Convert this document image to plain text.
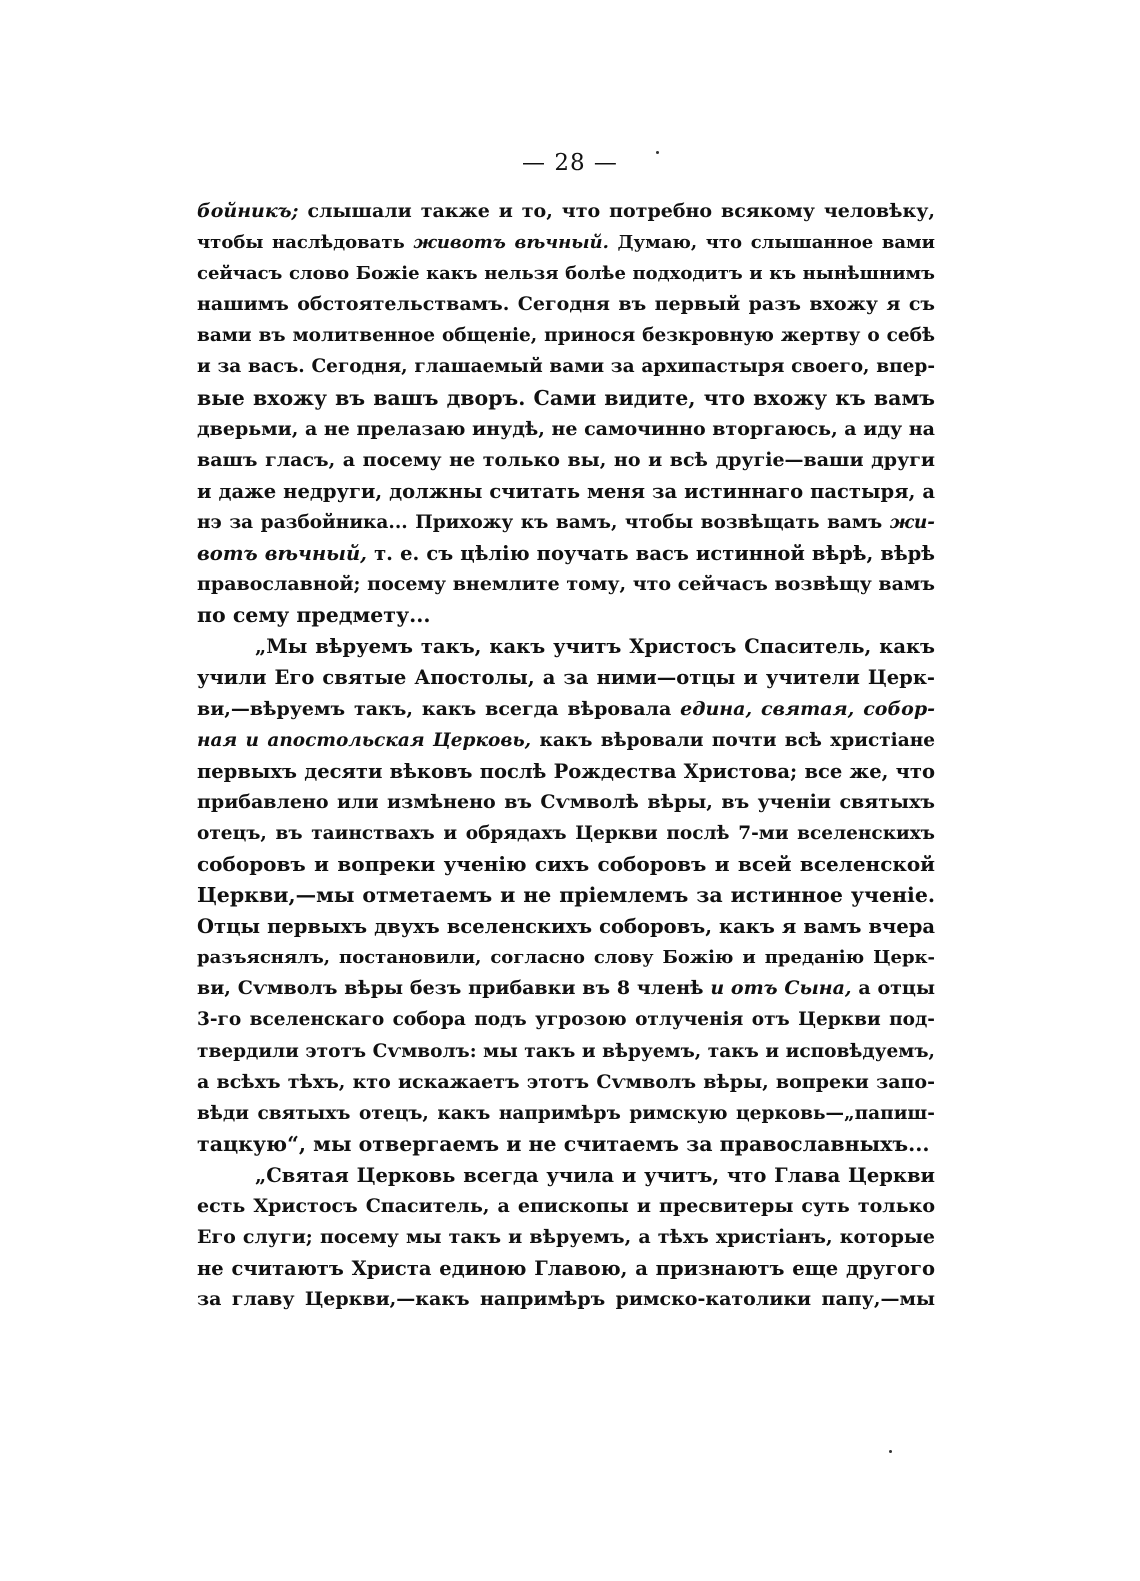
— 28 —
бойникъ; слышали также и то, что потребно всякому человѣку,
чтобы наслѣдовать животъ вѣчный. Думаю, что слышанное вами
сейчасъ слово Божіе какъ нельзя болѣе подходитъ и къ нынѣшнимъ
нашимъ обстоятельствамъ. Сегодня въ первый разъ вхожу я съ
вами въ молитвенное общеніе, принося безкровную жертву о себѣ
и за васъ. Сегодня, глашаемый вами за архипастыря своего, впер-
вые вхожу въ вашъ дворъ. Сами видите, что вхожу къ вамъ
дверьми, а не прелазаю инудѣ, не самочинно вторгаюсь, а иду на
вашъ гласъ, а посему не только вы, но и всѣ другіе—ваши други
и даже недруги, должны считать меня за истиннаго пастыря, а
нэ за разбойника... Прихожу къ вамъ, чтобы возвѣщать вамъ жи-
вотъ вѣчный, т. е. съ цѣлію поучать васъ истинной вѣрѣ, вѣрѣ
православной; посему внемлите тому, что сейчасъ возвѣщу вамъ
по сему предмету...
„Мы вѣруемъ такъ, какъ учитъ Христосъ Спаситель, какъ
учили Его святые Апостолы, а за ними—отцы и учители Церк-
ви,—вѣруемъ такъ, какъ всегда вѣровала едина, святая, собор-
ная и апостольская Церковь, какъ вѣровали почти всѣ христіане
первыхъ десяти вѣковъ послѣ Рождества Христова; все же, что
прибавлено или измѣнено въ Сѵмволѣ вѣры, въ ученіи святыхъ
отецъ, въ таинствахъ и обрядахъ Церкви послѣ 7-ми вселенскихъ
соборовъ и вопреки ученію сихъ соборовъ и всей вселенской
Церкви,—мы отметаемъ и не пріемлемъ за истинное ученіе.
Отцы первыхъ двухъ вселенскихъ соборовъ, какъ я вамъ вчера
разъяснялъ, постановили, согласно слову Божію и преданію Церк-
ви, Сѵмволъ вѣры безъ прибавки въ 8 членѣ и отъ Сына, а отцы
3-го вселенскаго собора подъ угрозою отлученія отъ Церкви под-
твердили этотъ Сѵмволъ: мы такъ и вѣруемъ, такъ и исповѣдуемъ,
а всѣхъ тѣхъ, кто искажаетъ этотъ Сѵмволъ вѣры, вопреки запо-
вѣди святыхъ отецъ, какъ напримѣръ римскую церковь—„папиш-
тацкую“, мы отвергаемъ и не считаемъ за православныхъ...
„Святая Церковь всегда учила и учитъ, что Глава Церкви
есть Христосъ Спаситель, а епископы и пресвитеры суть только
Его слуги; посему мы такъ и вѣруемъ, а тѣхъ христіанъ, которые
не считаютъ Христа единою Главою, а признаютъ еще другого
за главу Церкви,—какъ напримѣръ римско-католики папу,—мы
